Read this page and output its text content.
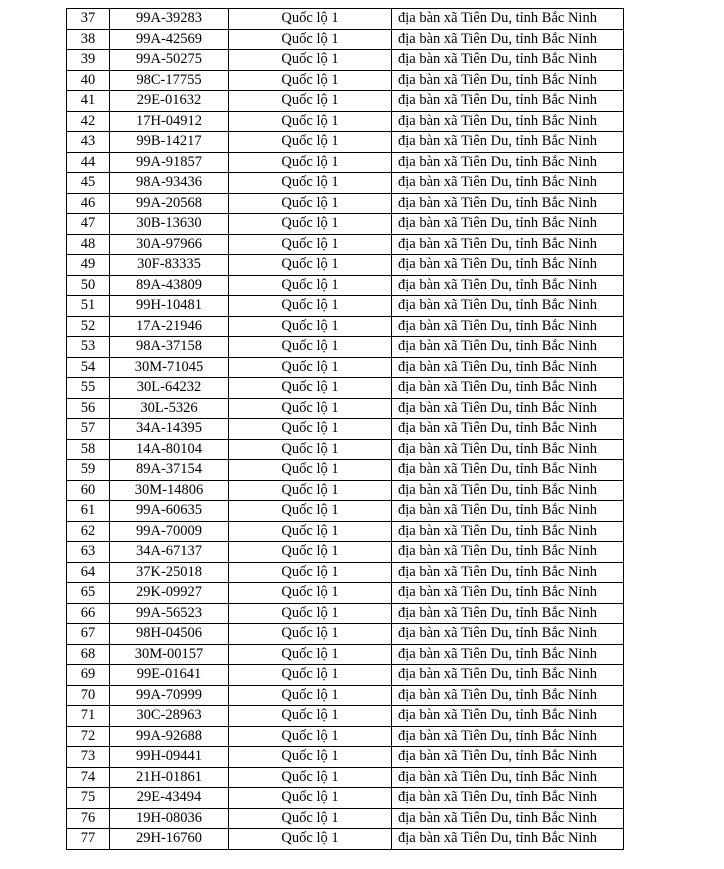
37	99A-39283	Quốc lộ 1	địa bàn xã Tiên Du, tỉnh Bắc Ninh
38	99A-42569	Quốc lộ 1	địa bàn xã Tiên Du, tỉnh Bắc Ninh
39	99A-50275	Quốc lộ 1	địa bàn xã Tiên Du, tỉnh Bắc Ninh
40	98C-17755	Quốc lộ 1	địa bàn xã Tiên Du, tỉnh Bắc Ninh
41	29E-01632	Quốc lộ 1	địa bàn xã Tiên Du, tỉnh Bắc Ninh
42	17H-04912	Quốc lộ 1	địa bàn xã Tiên Du, tỉnh Bắc Ninh
43	99B-14217	Quốc lộ 1	địa bàn xã Tiên Du, tỉnh Bắc Ninh
44	99A-91857	Quốc lộ 1	địa bàn xã Tiên Du, tỉnh Bắc Ninh
45	98A-93436	Quốc lộ 1	địa bàn xã Tiên Du, tỉnh Bắc Ninh
46	99A-20568	Quốc lộ 1	địa bàn xã Tiên Du, tỉnh Bắc Ninh
47	30B-13630	Quốc lộ 1	địa bàn xã Tiên Du, tỉnh Bắc Ninh
48	30A-97966	Quốc lộ 1	địa bàn xã Tiên Du, tỉnh Bắc Ninh
49	30F-83335	Quốc lộ 1	địa bàn xã Tiên Du, tỉnh Bắc Ninh
50	89A-43809	Quốc lộ 1	địa bàn xã Tiên Du, tỉnh Bắc Ninh
51	99H-10481	Quốc lộ 1	địa bàn xã Tiên Du, tỉnh Bắc Ninh
52	17A-21946	Quốc lộ 1	địa bàn xã Tiên Du, tỉnh Bắc Ninh
53	98A-37158	Quốc lộ 1	địa bàn xã Tiên Du, tỉnh Bắc Ninh
54	30M-71045	Quốc lộ 1	địa bàn xã Tiên Du, tỉnh Bắc Ninh
55	30L-64232	Quốc lộ 1	địa bàn xã Tiên Du, tỉnh Bắc Ninh
56	30L-5326	Quốc lộ 1	địa bàn xã Tiên Du, tỉnh Bắc Ninh
57	34A-14395	Quốc lộ 1	địa bàn xã Tiên Du, tỉnh Bắc Ninh
58	14A-80104	Quốc lộ 1	địa bàn xã Tiên Du, tỉnh Bắc Ninh
59	89A-37154	Quốc lộ 1	địa bàn xã Tiên Du, tỉnh Bắc Ninh
60	30M-14806	Quốc lộ 1	địa bàn xã Tiên Du, tỉnh Bắc Ninh
61	99A-60635	Quốc lộ 1	địa bàn xã Tiên Du, tỉnh Bắc Ninh
62	99A-70009	Quốc lộ 1	địa bàn xã Tiên Du, tỉnh Bắc Ninh
63	34A-67137	Quốc lộ 1	địa bàn xã Tiên Du, tỉnh Bắc Ninh
64	37K-25018	Quốc lộ 1	địa bàn xã Tiên Du, tỉnh Bắc Ninh
65	29K-09927	Quốc lộ 1	địa bàn xã Tiên Du, tỉnh Bắc Ninh
66	99A-56523	Quốc lộ 1	địa bàn xã Tiên Du, tỉnh Bắc Ninh
67	98H-04506	Quốc lộ 1	địa bàn xã Tiên Du, tỉnh Bắc Ninh
68	30M-00157	Quốc lộ 1	địa bàn xã Tiên Du, tỉnh Bắc Ninh
69	99E-01641	Quốc lộ 1	địa bàn xã Tiên Du, tỉnh Bắc Ninh
70	99A-70999	Quốc lộ 1	địa bàn xã Tiên Du, tỉnh Bắc Ninh
71	30C-28963	Quốc lộ 1	địa bàn xã Tiên Du, tỉnh Bắc Ninh
72	99A-92688	Quốc lộ 1	địa bàn xã Tiên Du, tỉnh Bắc Ninh
73	99H-09441	Quốc lộ 1	địa bàn xã Tiên Du, tỉnh Bắc Ninh
74	21H-01861	Quốc lộ 1	địa bàn xã Tiên Du, tỉnh Bắc Ninh
75	29E-43494	Quốc lộ 1	địa bàn xã Tiên Du, tỉnh Bắc Ninh
76	19H-08036	Quốc lộ 1	địa bàn xã Tiên Du, tỉnh Bắc Ninh
77	29H-16760	Quốc lộ 1	địa bàn xã Tiên Du, tỉnh Bắc Ninh
